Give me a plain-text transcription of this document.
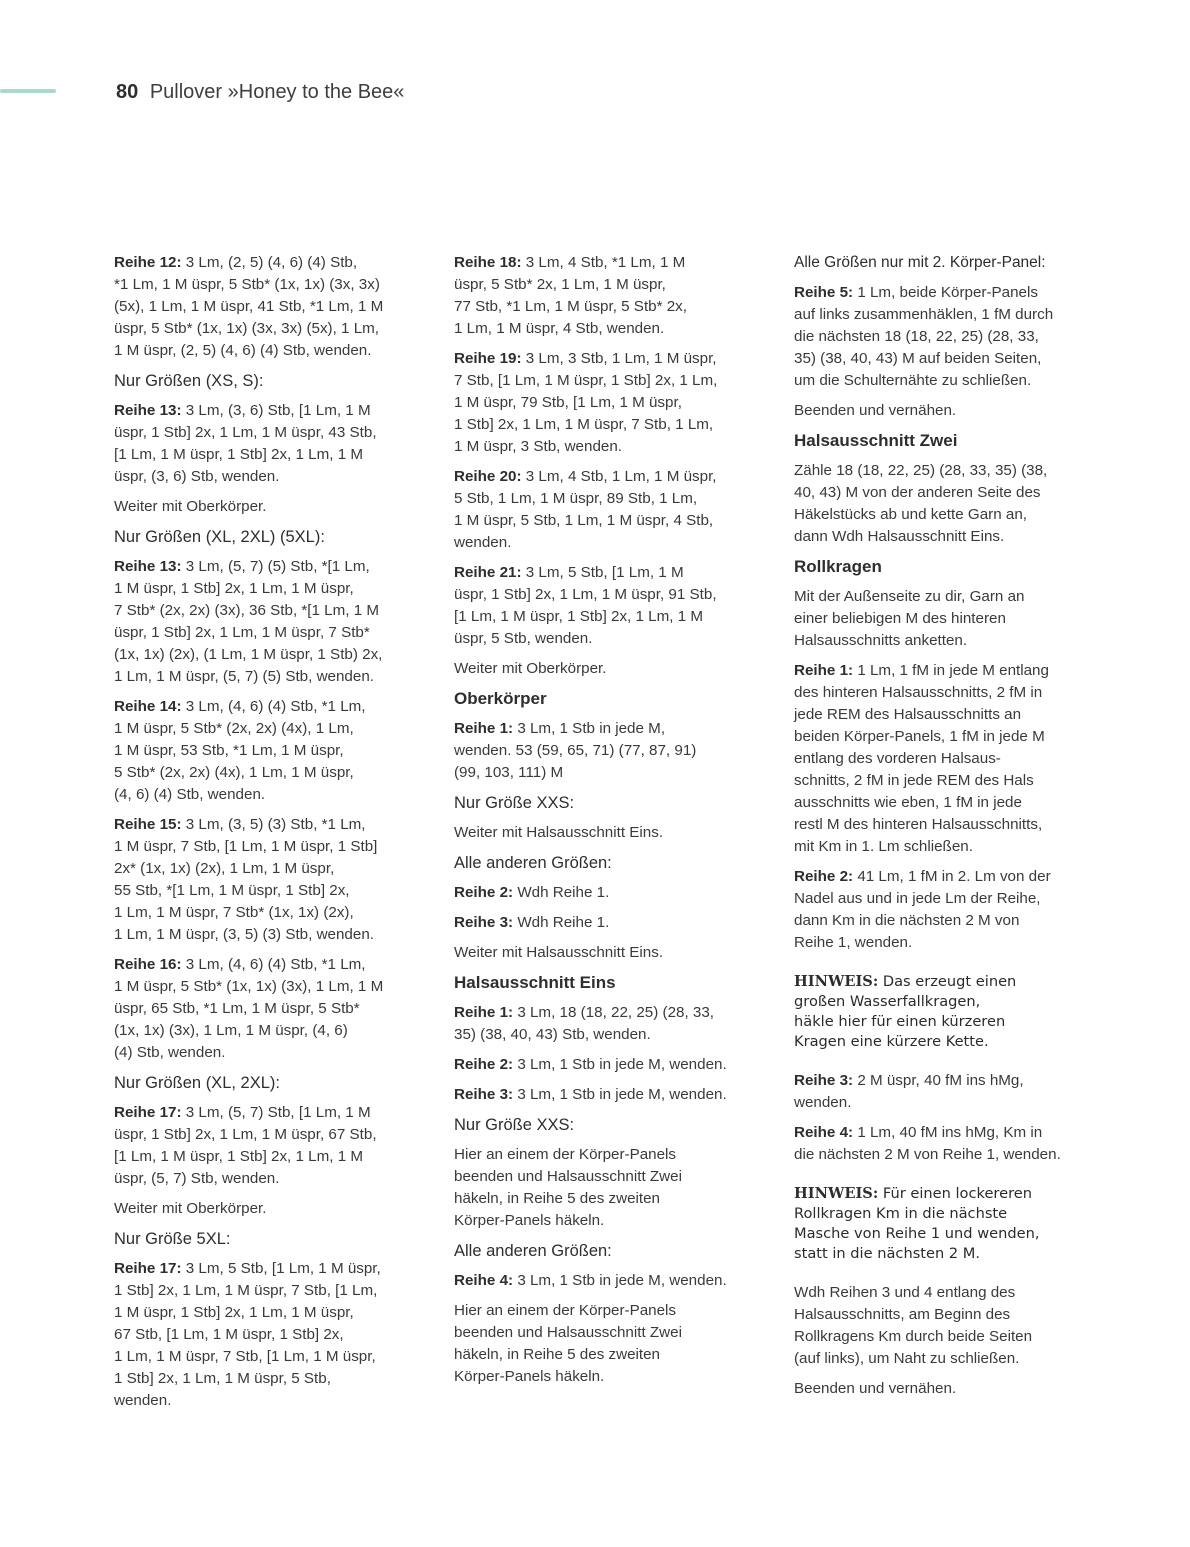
80 Pullover »Honey to the Bee«

Reihe 12: 3 Lm, (2, 5) (4, 6) (4) Stb,
*1 Lm, 1 M üspr, 5 Stb* (1x, 1x) (3x, 3x)
(5x), 1 Lm, 1 M üspr, 41 Stb, *1 Lm, 1 M
üspr, 5 Stb* (1x, 1x) (3x, 3x) (5x), 1 Lm,
1 M üspr, (2, 5) (4, 6) (4) Stb, wenden.

Nur Größen (XS, S):

Reihe 13: 3 Lm, (3, 6) Stb, [1 Lm, 1 M
üspr, 1 Stb] 2x, 1 Lm, 1 M üspr, 43 Stb,
[1 Lm, 1 M üspr, 1 Stb] 2x, 1 Lm, 1 M
üspr, (3, 6) Stb, wenden.

Weiter mit Oberkörper.

Nur Größen (XL, 2XL) (5XL):

Reihe 13: 3 Lm, (5, 7) (5) Stb, *[1 Lm,
1 M üspr, 1 Stb] 2x, 1 Lm, 1 M üspr,
7 Stb* (2x, 2x) (3x), 36 Stb, *[1 Lm, 1 M
üspr, 1 Stb] 2x, 1 Lm, 1 M üspr, 7 Stb*
(1x, 1x) (2x), (1 Lm, 1 M üspr, 1 Stb) 2x,
1 Lm, 1 M üspr, (5, 7) (5) Stb, wenden.

Reihe 14: 3 Lm, (4, 6) (4) Stb, *1 Lm,
1 M üspr, 5 Stb* (2x, 2x) (4x), 1 Lm,
1 M üspr, 53 Stb, *1 Lm, 1 M üspr,
5 Stb* (2x, 2x) (4x), 1 Lm, 1 M üspr,
(4, 6) (4) Stb, wenden.

Reihe 15: 3 Lm, (3, 5) (3) Stb, *1 Lm,
1 M üspr, 7 Stb, [1 Lm, 1 M üspr, 1 Stb]
2x* (1x, 1x) (2x), 1 Lm, 1 M üspr,
55 Stb, *[1 Lm, 1 M üspr, 1 Stb] 2x,
1 Lm, 1 M üspr, 7 Stb* (1x, 1x) (2x),
1 Lm, 1 M üspr, (3, 5) (3) Stb, wenden.

Reihe 16: 3 Lm, (4, 6) (4) Stb, *1 Lm,
1 M üspr, 5 Stb* (1x, 1x) (3x), 1 Lm, 1 M
üspr, 65 Stb, *1 Lm, 1 M üspr, 5 Stb*
(1x, 1x) (3x), 1 Lm, 1 M üspr, (4, 6)
(4) Stb, wenden.

Nur Größen (XL, 2XL):

Reihe 17: 3 Lm, (5, 7) Stb, [1 Lm, 1 M
üspr, 1 Stb] 2x, 1 Lm, 1 M üspr, 67 Stb,
[1 Lm, 1 M üspr, 1 Stb] 2x, 1 Lm, 1 M
üspr, (5, 7) Stb, wenden.

Weiter mit Oberkörper.

Nur Größe 5XL:

Reihe 17: 3 Lm, 5 Stb, [1 Lm, 1 M üspr,
1 Stb] 2x, 1 Lm, 1 M üspr, 7 Stb, [1 Lm,
1 M üspr, 1 Stb] 2x, 1 Lm, 1 M üspr,
67 Stb, [1 Lm, 1 M üspr, 1 Stb] 2x,
1 Lm, 1 M üspr, 7 Stb, [1 Lm, 1 M üspr,
1 Stb] 2x, 1 Lm, 1 M üspr, 5 Stb,
wenden.

Reihe 18: 3 Lm, 4 Stb, *1 Lm, 1 M
üspr, 5 Stb* 2x, 1 Lm, 1 M üspr,
77 Stb, *1 Lm, 1 M üspr, 5 Stb* 2x,
1 Lm, 1 M üspr, 4 Stb, wenden.

Reihe 19: 3 Lm, 3 Stb, 1 Lm, 1 M üspr,
7 Stb, [1 Lm, 1 M üspr, 1 Stb] 2x, 1 Lm,
1 M üspr, 79 Stb, [1 Lm, 1 M üspr,
1 Stb] 2x, 1 Lm, 1 M üspr, 7 Stb, 1 Lm,
1 M üspr, 3 Stb, wenden.

Reihe 20: 3 Lm, 4 Stb, 1 Lm, 1 M üspr,
5 Stb, 1 Lm, 1 M üspr, 89 Stb, 1 Lm,
1 M üspr, 5 Stb, 1 Lm, 1 M üspr, 4 Stb,
wenden.

Reihe 21: 3 Lm, 5 Stb, [1 Lm, 1 M
üspr, 1 Stb] 2x, 1 Lm, 1 M üspr, 91 Stb,
[1 Lm, 1 M üspr, 1 Stb] 2x, 1 Lm, 1 M
üspr, 5 Stb, wenden.

Weiter mit Oberkörper.

Oberkörper

Reihe 1: 3 Lm, 1 Stb in jede M,
wenden. 53 (59, 65, 71) (77, 87, 91)
(99, 103, 111) M

Nur Größe XXS:

Weiter mit Halsausschnitt Eins.

Alle anderen Größen:

Reihe 2: Wdh Reihe 1.

Reihe 3: Wdh Reihe 1.

Weiter mit Halsausschnitt Eins.

Halsausschnitt Eins

Reihe 1: 3 Lm, 18 (18, 22, 25) (28, 33,
35) (38, 40, 43) Stb, wenden.

Reihe 2: 3 Lm, 1 Stb in jede M, wenden.

Reihe 3: 3 Lm, 1 Stb in jede M, wenden.

Nur Größe XXS:

Hier an einem der Körper-Panels
beenden und Halsausschnitt Zwei
häkeln, in Reihe 5 des zweiten
Körper-Panels häkeln.

Alle anderen Größen:

Reihe 4: 3 Lm, 1 Stb in jede M, wenden.

Hier an einem der Körper-Panels
beenden und Halsausschnitt Zwei
häkeln, in Reihe 5 des zweiten
Körper-Panels häkeln.

Alle Größen nur mit 2. Körper-Panel:

Reihe 5: 1 Lm, beide Körper-Panels
auf links zusammenhäklen, 1 fM durch
die nächsten 18 (18, 22, 25) (28, 33,
35) (38, 40, 43) M auf beiden Seiten,
um die Schulternähte zu schließen.

Beenden und vernähen.

Halsausschnitt Zwei

Zähle 18 (18, 22, 25) (28, 33, 35) (38,
40, 43) M von der anderen Seite des
Häkelstücks ab und kette Garn an,
dann Wdh Halsausschnitt Eins.

Rollkragen

Mit der Außenseite zu dir, Garn an
einer beliebigen M des hinteren
Halsausschnitts anketten.

Reihe 1: 1 Lm, 1 fM in jede M entlang
des hinteren Halsausschnitts, 2 fM in
jede REM des Halsausschnitts an
beiden Körper-Panels, 1 fM in jede M
entlang des vorderen Halsaus-
schnitts, 2 fM in jede REM des Hals
ausschnitts wie eben, 1 fM in jede
restl M des hinteren Halsausschnitts,
mit Km in 1. Lm schließen.

Reihe 2: 41 Lm, 1 fM in 2. Lm von der
Nadel aus und in jede Lm der Reihe,
dann Km in die nächsten 2 M von
Reihe 1, wenden.

HINWEIS: Das erzeugt einen
großen Wasserfallkragen,
häkle hier für einen kürzeren
Kragen eine kürzere Kette.

Reihe 3: 2 M üspr, 40 fM ins hMg,
wenden.

Reihe 4: 1 Lm, 40 fM ins hMg, Km in
die nächsten 2 M von Reihe 1, wenden.

HINWEIS: Für einen lockereren
Rollkragen Km in die nächste
Masche von Reihe 1 und wenden,
statt in die nächsten 2 M.

Wdh Reihen 3 und 4 entlang des
Halsausschnitts, am Beginn des
Rollkragens Km durch beide Seiten
(auf links), um Naht zu schließen.

Beenden und vernähen.
